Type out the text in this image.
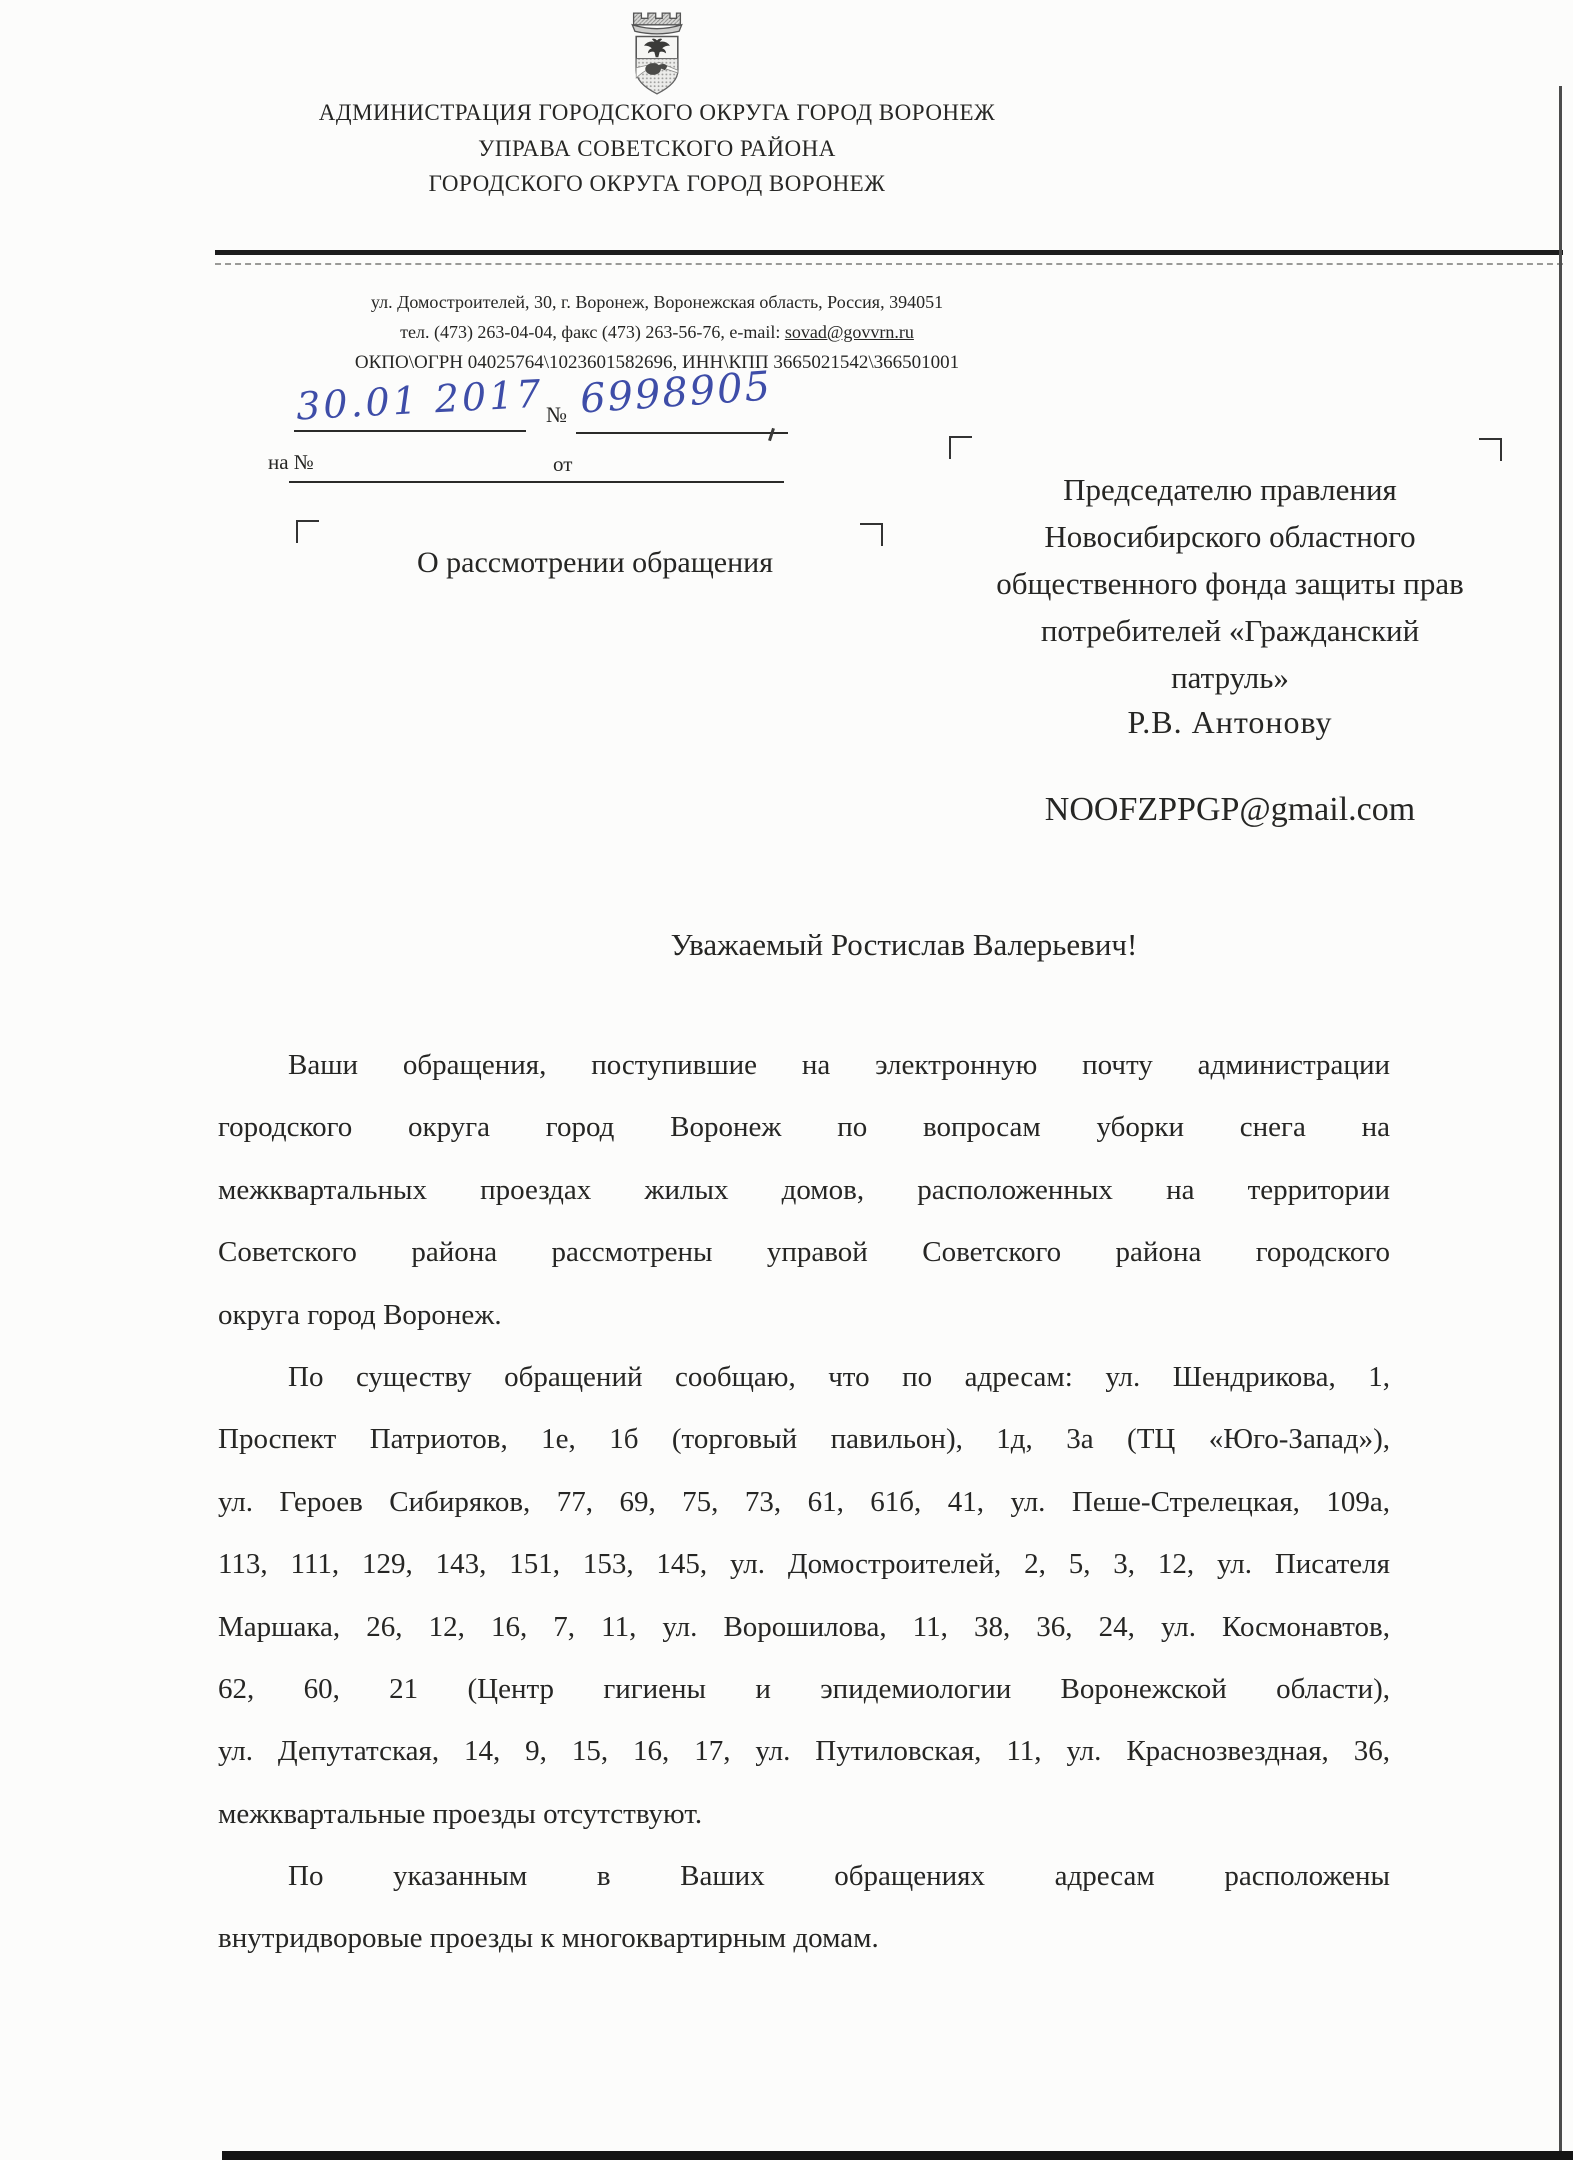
АДМИНИСТРАЦИЯ ГОРОДСКОГО ОКРУГА ГОРОД ВОРОНЕЖ
УПРАВА СОВЕТСКОГО РАЙОНА
ГОРОДСКОГО ОКРУГА ГОРОД ВОРОНЕЖ
ул. Домостроителей, 30, г. Воронеж, Воронежская область, Россия, 394051
тел. (473) 263-04-04, факс (473) 263-56-76, e-mail: sovad@govvrn.ru
ОКПО\ОГРН 04025764\1023601582696, ИНН\КПП 3665021542\366501001
30.01 2017 № 6998905
на №	от
О рассмотрении обращения
Председателю правления
Новосибирского областного
общественного фонда защиты прав
потребителей «Гражданский
патруль»
Р.В. Антонову
NOOFZPPGP@gmail.com
Уважаемый Ростислав Валерьевич!
Ваши обращения, поступившие на электронную почту администрации
городского округа город Воронеж по вопросам уборки снега на
межквартальных проездах жилых домов, расположенных на территории
Советского района рассмотрены управой Советского района городского
округа город Воронеж.
По существу обращений сообщаю, что по адресам: ул. Шендрикова, 1,
Проспект Патриотов, 1е, 1б (торговый павильон), 1д, 3а (ТЦ «Юго-Запад»),
ул. Героев Сибиряков, 77, 69, 75, 73, 61, 61б, 41, ул. Пеше-Стрелецкая, 109а,
113, 111, 129, 143, 151, 153, 145, ул. Домостроителей, 2, 5, 3, 12, ул. Писателя
Маршака, 26, 12, 16, 7, 11, ул. Ворошилова, 11, 38, 36, 24, ул. Космонавтов,
62, 60, 21 (Центр гигиены и эпидемиологии Воронежской области),
ул. Депутатская, 14, 9, 15, 16, 17, ул. Путиловская, 11, ул. Краснозвездная, 36,
межквартальные проезды отсутствуют.
По указанным в Ваших обращениях адресам расположены
внутридворовые проезды к многоквартирным домам.
